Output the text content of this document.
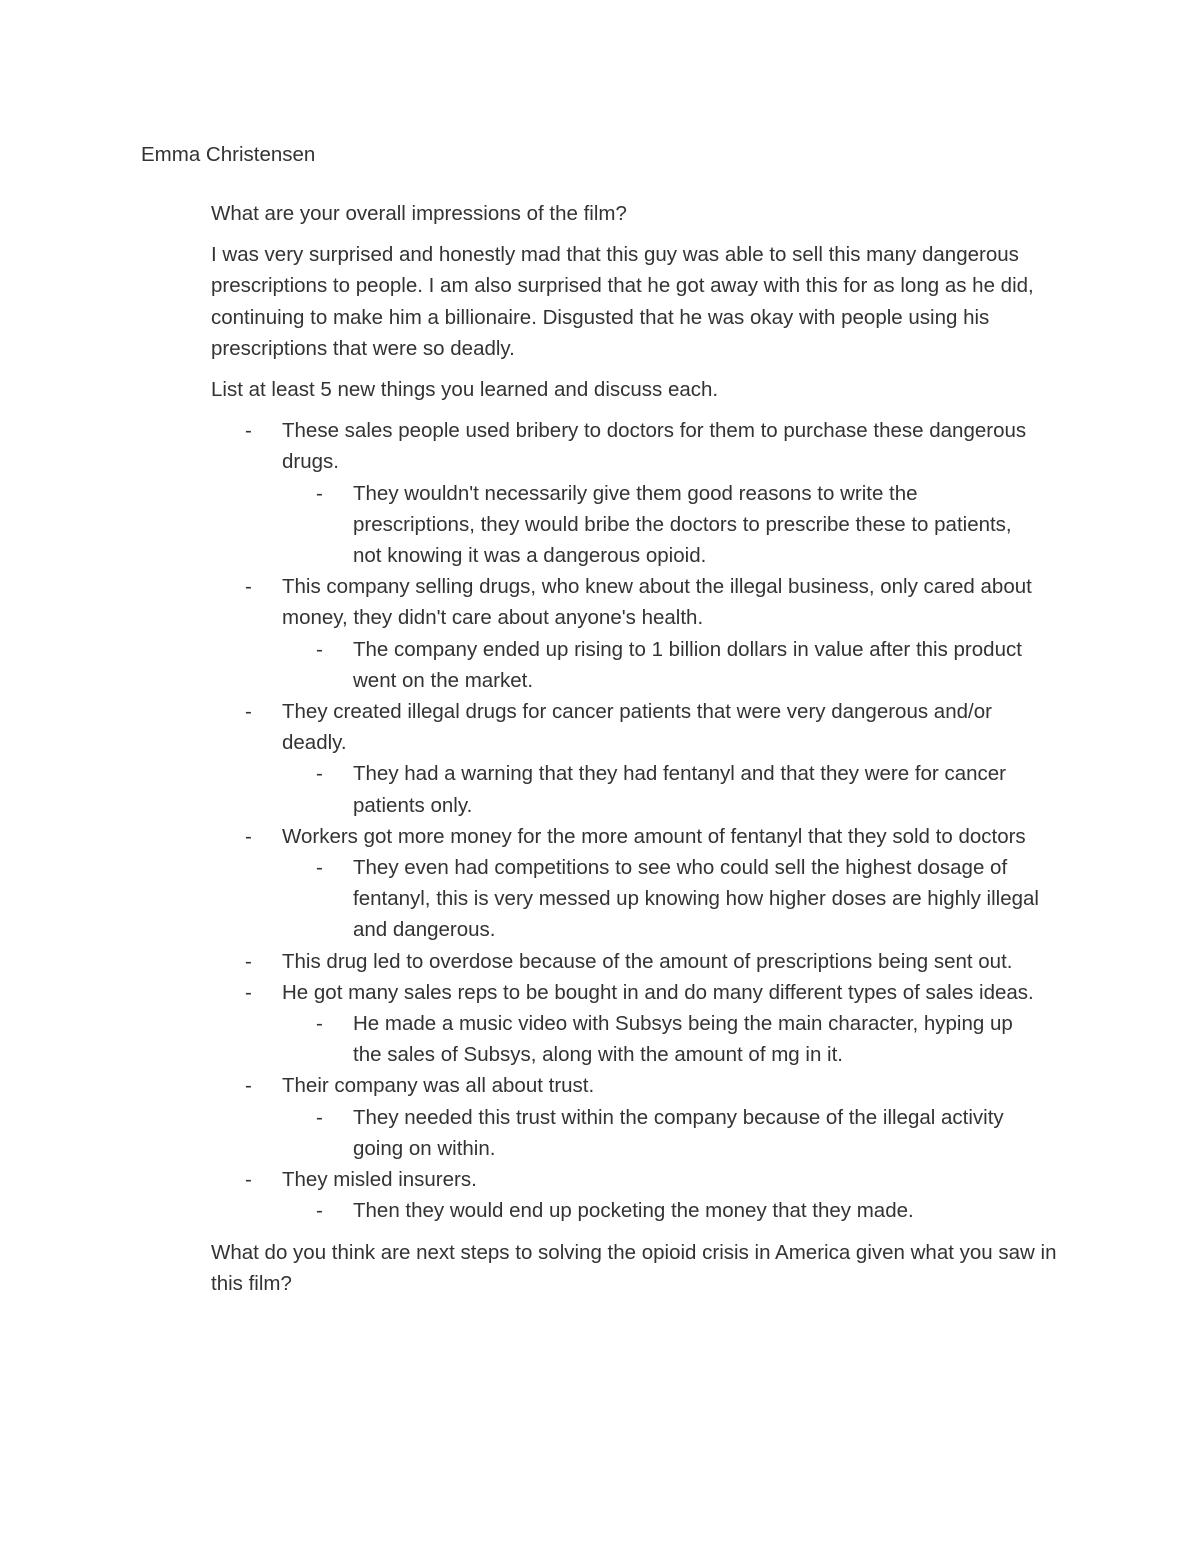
Emma Christensen

What are your overall impressions of the film?

I was very surprised and honestly mad that this guy was able to sell this many dangerous prescriptions to people. I am also surprised that he got away with this for as long as he did, continuing to make him a billionaire. Disgusted that he was okay with people using his prescriptions that were so deadly.

List at least 5 new things you learned and discuss each.

- These sales people used bribery to doctors for them to purchase these dangerous drugs.
- They wouldn't necessarily give them good reasons to write the prescriptions, they would bribe the doctors to prescribe these to patients, not knowing it was a dangerous opioid.
- This company selling drugs, who knew about the illegal business, only cared about money, they didn't care about anyone's health.
- The company ended up rising to 1 billion dollars in value after this product went on the market.
- They created illegal drugs for cancer patients that were very dangerous and/or deadly.
- They had a warning that they had fentanyl and that they were for cancer patients only.
- Workers got more money for the more amount of fentanyl that they sold to doctors
- They even had competitions to see who could sell the highest dosage of fentanyl, this is very messed up knowing how higher doses are highly illegal and dangerous.
- This drug led to overdose because of the amount of prescriptions being sent out.
- He got many sales reps to be bought in and do many different types of sales ideas.
- He made a music video with Subsys being the main character, hyping up the sales of Subsys, along with the amount of mg in it.
- Their company was all about trust.
- They needed this trust within the company because of the illegal activity going on within.
- They misled insurers.
- Then they would end up pocketing the money that they made.

What do you think are next steps to solving the opioid crisis in America given what you saw in this film?
